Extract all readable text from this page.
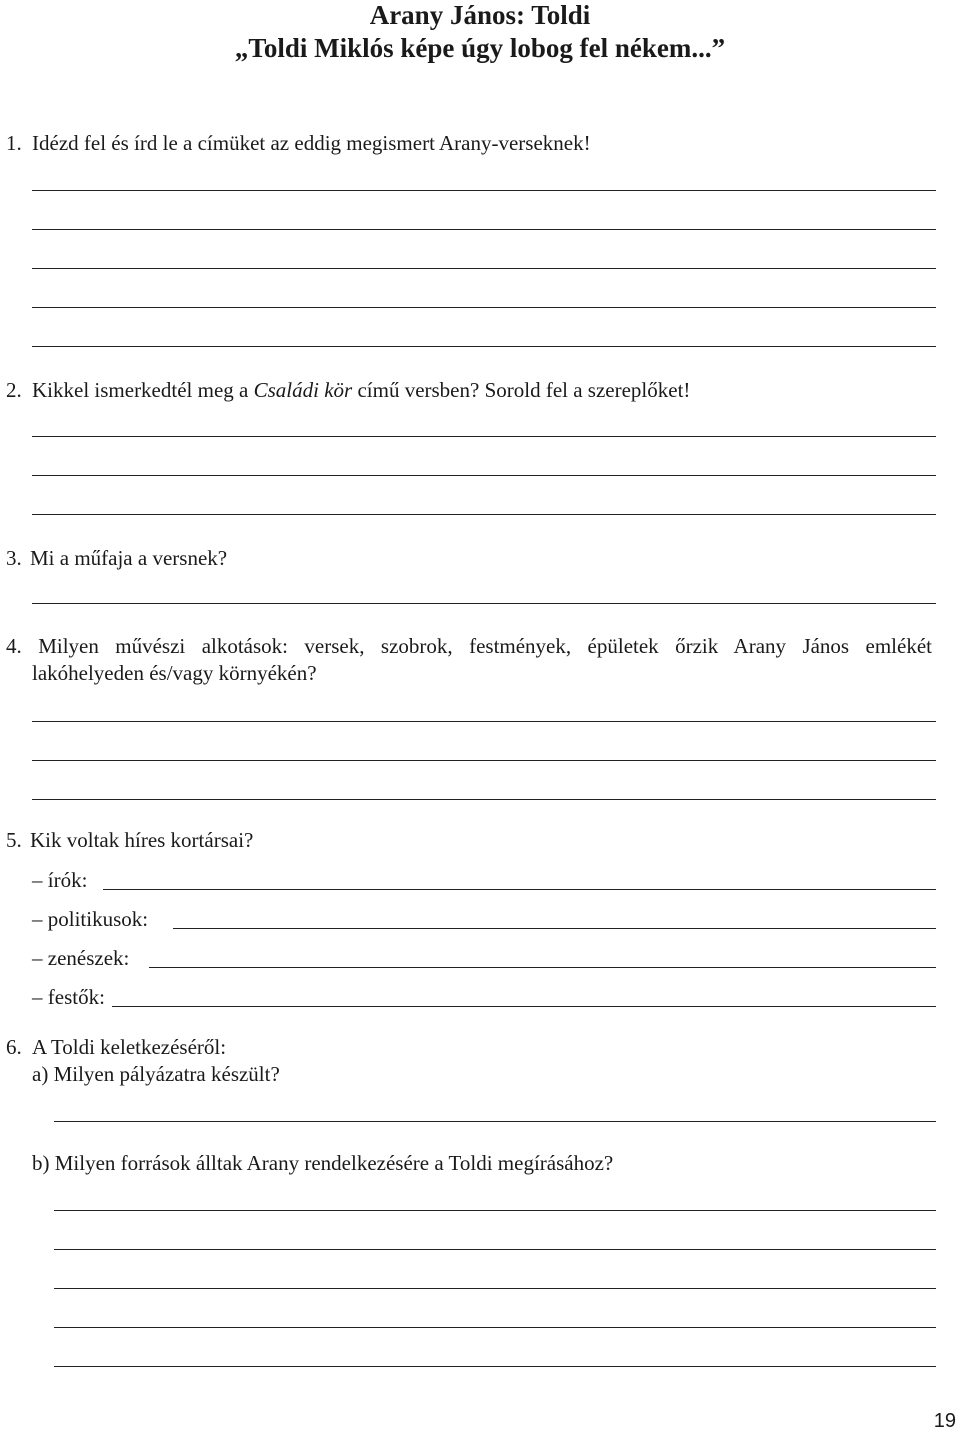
Arany János: Toldi
„Toldi Miklós képe úgy lobog fel nékem...”
1. Idézd fel és írd le a címüket az eddig megismert Arany-verseknek!
2. Kikkel ismerkedtél meg a Családi kör című versben? Sorold fel a szereplőket!
3. Mi a műfaja a versnek?
4. Milyen művészi alkotások: versek, szobrok, festmények, épületek őrzik Arany János emlékét
lakóhelyeden és/vagy környékén?
5. Kik voltak híres kortársai?
– írók:
– politikusok:
– zenészek:
– festők:
6. A Toldi keletkezéséről:
a) Milyen pályázatra készült?
b) Milyen források álltak Arany rendelkezésére a Toldi megírásához?
19
